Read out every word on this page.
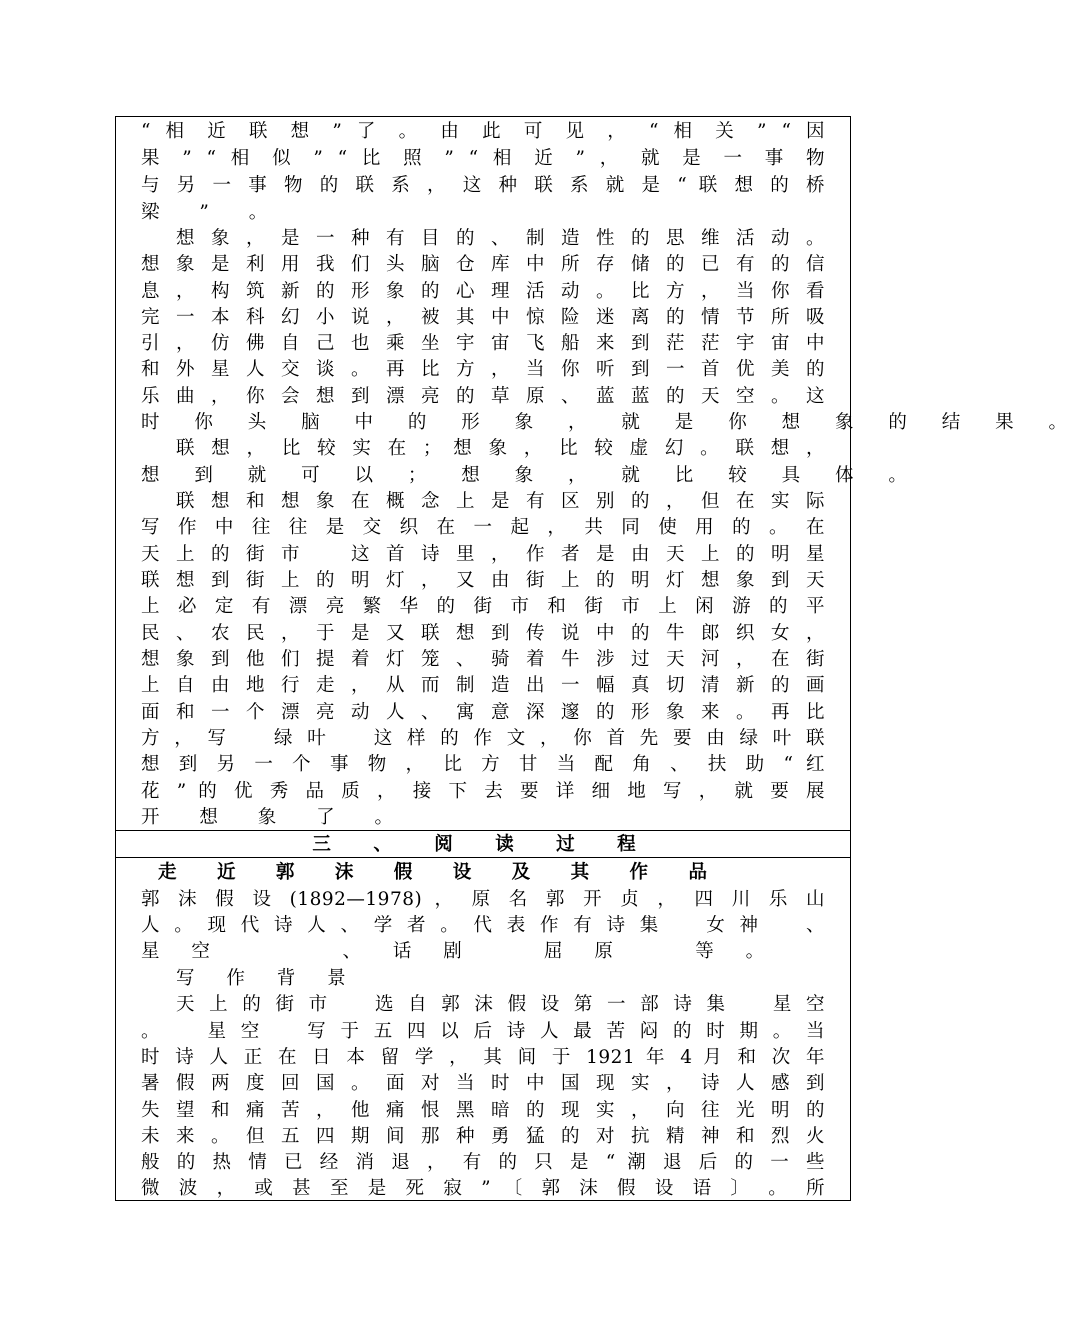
“ 相 近 联 想 ” 了 。 由 此 可 见 ， “ 相 关 ” “ 因
果 ” “ 相 似 ” “ 比 照 ” “ 相 近 ” ， 就 是 一 事 物
与 另 一 事 物 的 联 系 ， 这 种 联 系 就 是 “ 联 想 的 桥
梁 ” 。
想 象 ， 是 一 种 有 目 的 、 制 造 性 的 思 维 活 动 。
想 象 是 利 用 我 们 头 脑 仓 库 中 所 存 储 的 已 有 的 信
息 ， 构 筑 新 的 形 象 的 心 理 活 动 。 比 方 ， 当 你 看
完 一 本 科 幻 小 说 ， 被 其 中 惊 险 迷 离 的 情 节 所 吸
引 ， 仿 佛 自 己 也 乘 坐 宇 宙 飞 船 来 到 茫 茫 宇 宙 中
和 外 星 人 交 谈 。 再 比 方 ， 当 你 听 到 一 首 优 美 的
乐 曲 ， 你 会 想 到 漂 亮 的 草 原 、 蓝 蓝 的 天 空 。 这
时 你 头 脑 中 的 形 象 ， 就 是 你 想 象 的 结 果 。
联 想 ， 比 较 实 在 ； 想 象 ， 比 较 虚 幻 。 联 想 ，
想 到 就 可 以 ； 想 象 ， 就 比 较 具 体 。
联 想 和 想 象 在 概 念 上 是 有 区 别 的 ， 但 在 实 际
写 作 中 往 往 是 交 织 在 一 起 ， 共 同 使 用 的 。 在
天 上 的 街 市 　 这 首 诗 里 ， 作 者 是 由 天 上 的 明 星
联 想 到 街 上 的 明 灯 ， 又 由 街 上 的 明 灯 想 象 到 天
上 必 定 有 漂 亮 繁 华 的 街 市 和 街 市 上 闲 游 的 平
民 、 农 民 ， 于 是 又 联 想 到 传 说 中 的 牛 郎 织 女 ，
想 象 到 他 们 提 着 灯 笼 、 骑 着 牛 涉 过 天 河 ， 在 街
上 自 由 地 行 走 ， 从 而 制 造 出 一 幅 真 切 清 新 的 画
面 和 一 个 漂 亮 动 人 、 寓 意 深 邃 的 形 象 来 。 再 比
方 ， 写 　 绿 叶 　 这 样 的 作 文 ， 你 首 先 要 由 绿 叶 联
想 到 另 一 个 事 物 ， 比 方 甘 当 配 角 、 扶 助 “ 红
花 ” 的 优 秀 品 质 ， 接 下 去 要 详 细 地 写 ， 就 要 展
开 想 象 了 。
三 、 阅 读 过 程
走 近 郭 沫 假 设 及 其 作 品
郭 沫 假 设 (1892—1978) ， 原 名 郭 开 贞 ， 四 川 乐 山
人 。 现 代 诗 人 、 学 者 。 代 表 作 有 诗 集 　 女 神 　 、
星 空 　 　 、 话 剧 　 屈 原 　 等 。
写 作 背 景
天 上 的 街 市 　 选 自 郭 沫 假 设 第 一 部 诗 集 　 星 空
。 　 星 空 　 写 于 五 四 以 后 诗 人 最 苦 闷 的 时 期 。 当
时 诗 人 正 在 日 本 留 学 ， 其 间 于 1921 年 4 月 和 次 年
暑 假 两 度 回 国 。 面 对 当 时 中 国 现 实 ， 诗 人 感 到
失 望 和 痛 苦 ， 他 痛 恨 黑 暗 的 现 实 ， 向 往 光 明 的
未 来 。 但 五 四 期 间 那 种 勇 猛 的 对 抗 精 神 和 烈 火
般 的 热 情 已 经 消 退 ， 有 的 只 是 “ 潮 退 后 的 一 些
微 波 ， 或 甚 至 是 死 寂 ” 〔 郭 沫 假 设 语 〕 。 所
